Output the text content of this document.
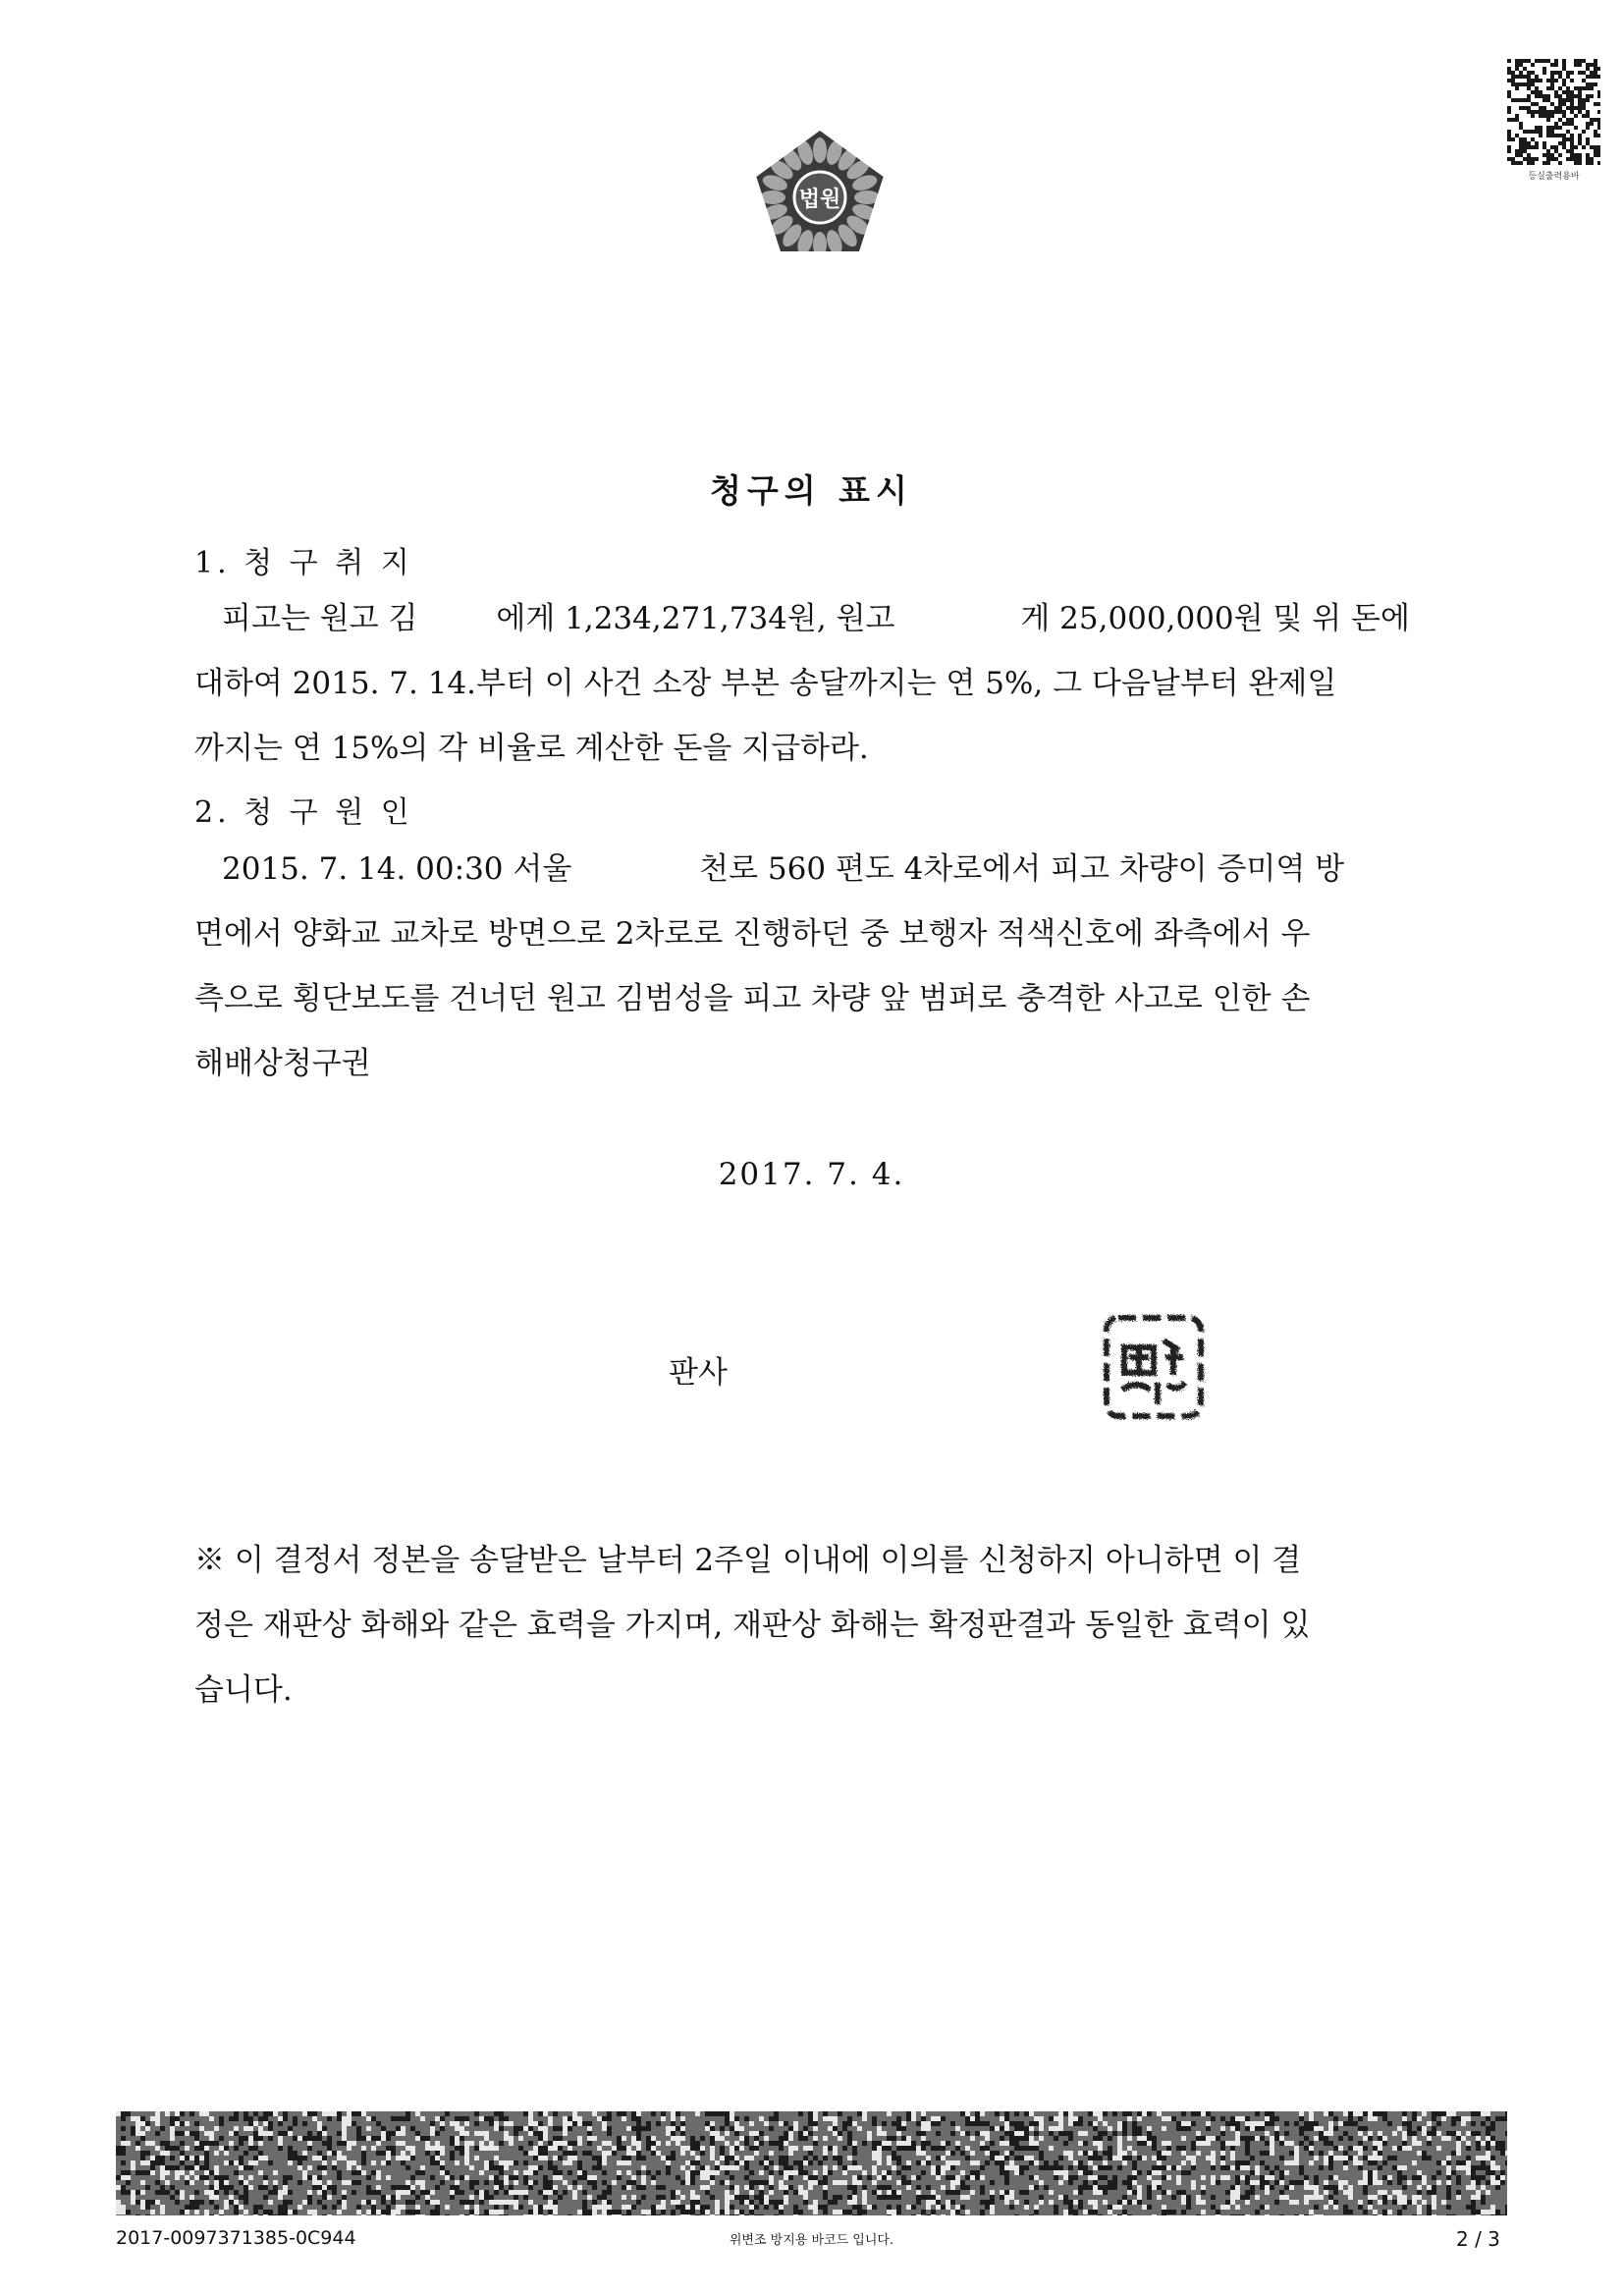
법원
등실출력용바
청구의 표시
1. 청 구 취 지

피고는 원고 김	에게 1,234,271,734원, 원고	게 25,000,000원 및 위 돈에

대하여 2015. 7. 14.부터 이 사건 소장 부본 송달까지는 연 5%, 그 다음날부터 완제일

까지는 연 15%의 각 비율로 계산한 돈을 지급하라.

2. 청 구 원 인

2015. 7. 14. 00:30 서울	천로 560 편도 4차로에서 피고 차량이 증미역 방

면에서 양화교 교차로 방면으로 2차로로 진행하던 중 보행자 적색신호에 좌측에서 우

측으로 횡단보도를 건너던 원고 김범성을 피고 차량 앞 범퍼로 충격한 사고로 인한 손

해배상청구권

2017. 7. 4.
판사

※ 이 결정서 정본을 송달받은 날부터 2주일 이내에 이의를 신청하지 아니하면 이 결

정은 재판상 화해와 같은 효력을 가지며, 재판상 화해는 확정판결과 동일한 효력이 있

습니다.

2017-0097371385-0C944	위변조 방지용 바코드 입니다.	2 / 3
